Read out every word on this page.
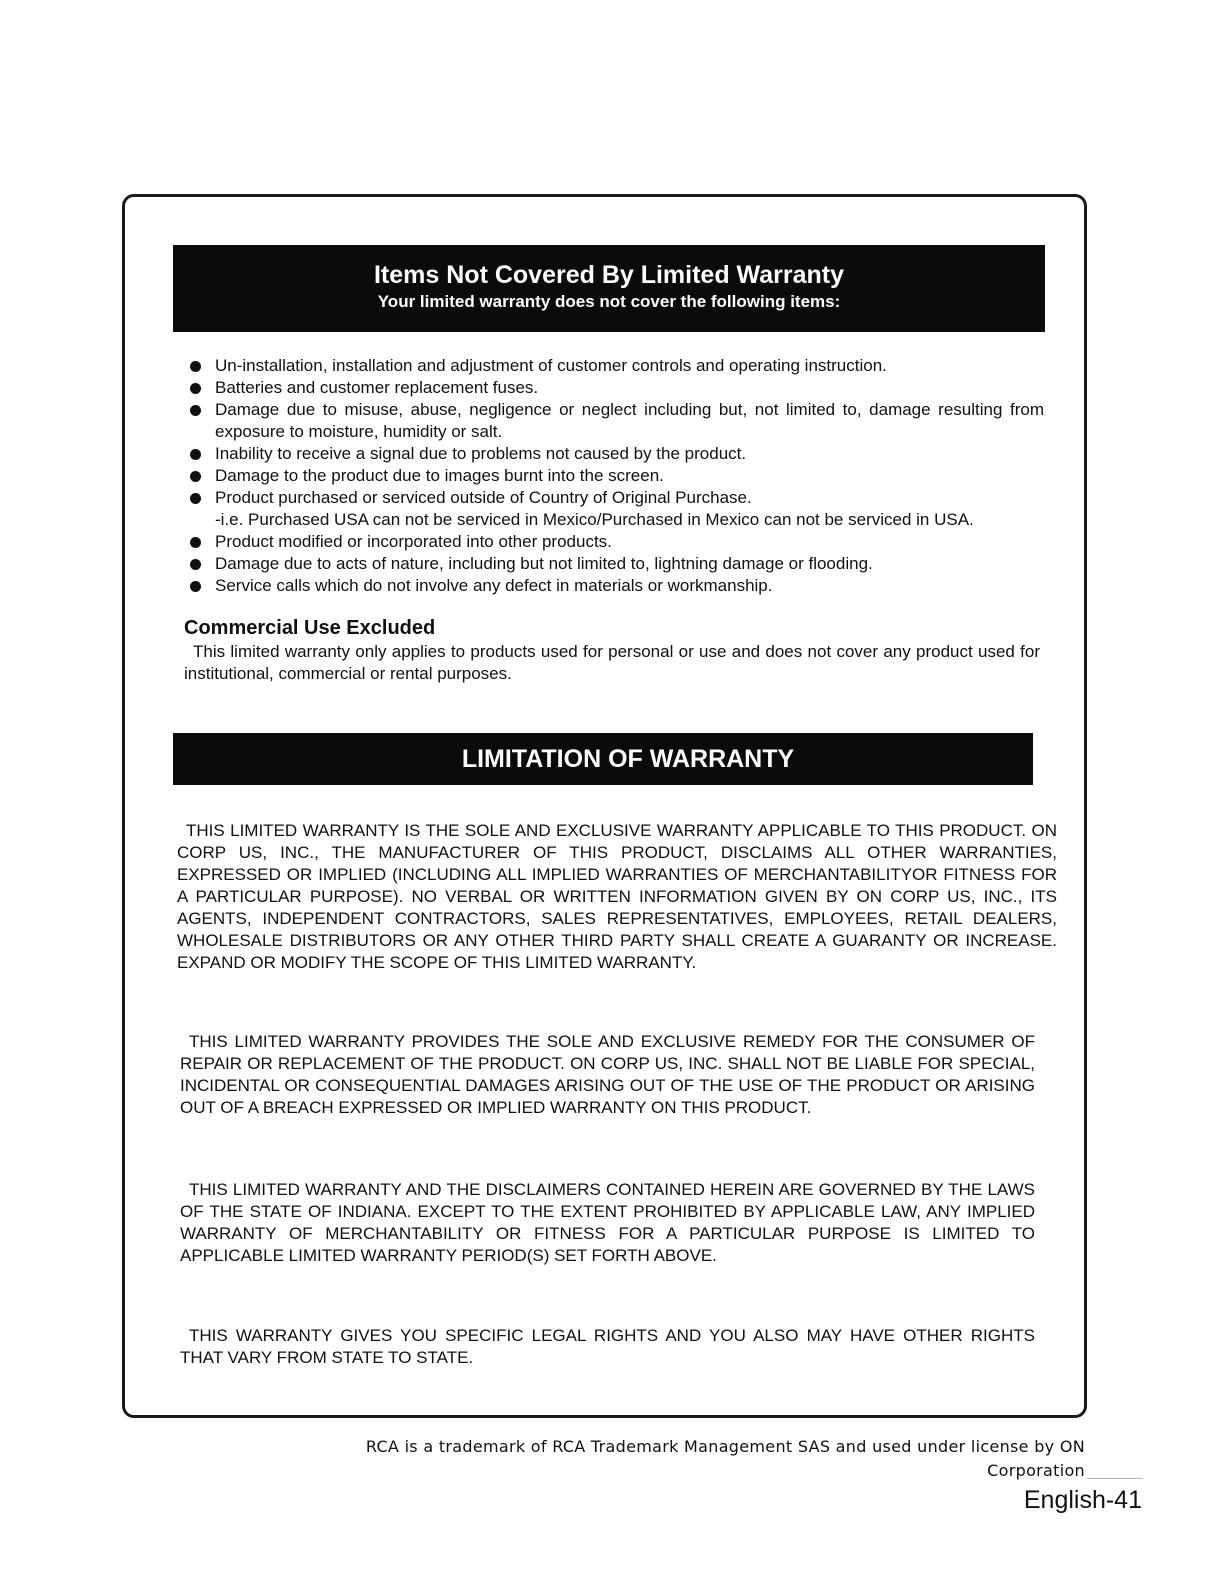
Items Not Covered By Limited Warranty
Your limited warranty does not cover the following items:
Un-installation, installation and adjustment of customer controls and operating instruction.
Batteries and customer replacement fuses.
Damage due to misuse, abuse, negligence or neglect including but, not limited to, damage resulting from exposure to moisture, humidity or salt.
Inability to receive a signal due to problems not caused by the product.
Damage to the product due to images burnt into the screen.
Product purchased or serviced outside of Country of Original Purchase.
-i.e. Purchased USA can not be serviced in Mexico/Purchased in Mexico can not be serviced in USA.
Product modified or incorporated into other products.
Damage due to acts of nature, including but not limited to, lightning damage or flooding.
Service calls which do not involve any defect in materials or workmanship.
Commercial Use Excluded
This limited warranty only applies to products used for personal or use and does not cover any product used for institutional, commercial or rental purposes.
LIMITATION OF WARRANTY
THIS LIMITED WARRANTY IS THE SOLE AND EXCLUSIVE WARRANTY APPLICABLE TO THIS PRODUCT. ON CORP US, INC., THE MANUFACTURER OF THIS PRODUCT, DISCLAIMS ALL OTHER WARRANTIES, EXPRESSED OR IMPLIED (INCLUDING ALL IMPLIED WARRANTIES OF MERCHANTABILITYOR FITNESS FOR A PARTICULAR PURPOSE). NO VERBAL OR WRITTEN INFORMATION GIVEN BY ON CORP US, INC., ITS AGENTS, INDEPENDENT CONTRACTORS, SALES REPRESENTATIVES, EMPLOYEES, RETAIL DEALERS, WHOLESALE DISTRIBUTORS OR ANY OTHER THIRD PARTY SHALL CREATE A GUARANTY OR INCREASE. EXPAND OR MODIFY THE SCOPE OF THIS LIMITED WARRANTY.
THIS LIMITED WARRANTY PROVIDES THE SOLE AND EXCLUSIVE REMEDY FOR THE CONSUMER OF REPAIR OR REPLACEMENT OF THE PRODUCT. ON CORP US, INC. SHALL NOT BE LIABLE FOR SPECIAL, INCIDENTAL OR CONSEQUENTIAL DAMAGES ARISING OUT OF THE USE OF THE PRODUCT OR ARISING OUT OF A BREACH EXPRESSED OR IMPLIED WARRANTY ON THIS PRODUCT.
THIS LIMITED WARRANTY AND THE DISCLAIMERS CONTAINED HEREIN ARE GOVERNED BY THE LAWS OF THE STATE OF INDIANA. EXCEPT TO THE EXTENT PROHIBITED BY APPLICABLE LAW, ANY IMPLIED WARRANTY OF MERCHANTABILITY OR FITNESS FOR A PARTICULAR PURPOSE IS LIMITED TO APPLICABLE LIMITED WARRANTY PERIOD(S) SET FORTH ABOVE.
THIS WARRANTY GIVES YOU SPECIFIC LEGAL RIGHTS AND YOU ALSO MAY HAVE OTHER RIGHTS THAT VARY FROM STATE TO STATE.
RCA is a trademark of RCA Trademark Management SAS and used under license by ON Corporation
English-41
